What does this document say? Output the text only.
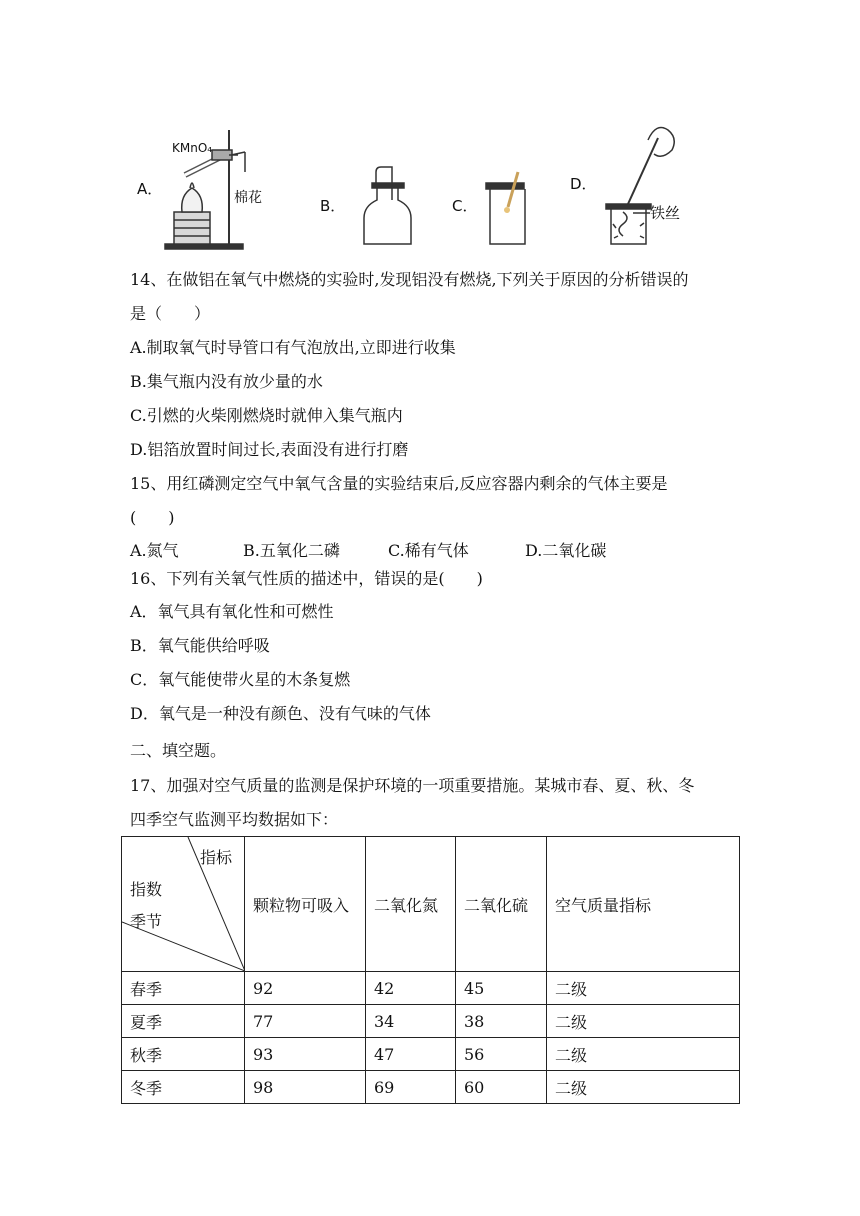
A．
B．	C．
D．
KMnO₄
棉花
铁丝
14、在做铝在氧气中燃烧的实验时,发现铝没有燃烧,下列关于原因的分析错误的
是（　　）
A.制取氧气时导管口有气泡放出,立即进行收集
B.集气瓶内没有放少量的水
C.引燃的火柴刚燃烧时就伸入集气瓶内
D.铝箔放置时间过长,表面没有进行打磨
15、用红磷测定空气中氧气含量的实验结束后,反应容器内剩余的气体主要是
(　　)
A.氮气	B.五氧化二磷	C.稀有气体	D.二氧化碳
16、下列有关氧气性质的描述中，错误的是(　　)
A．氧气具有氧化性和可燃性
B．氧气能供给呼吸
C．氧气能使带火星的木条复燃
D．氧气是一种没有颜色、没有气味的气体
二、填空题。
17、加强对空气质量的监测是保护环境的一项重要措施。某城市春、夏、秋、冬
四季空气监测平均数据如下：
指标
指数
季节	颗粒物可吸入	二氧化氮	二氧化硫	空气质量指标
春季	92	42	45	二级
夏季	77	34	38	二级
秋季	93	47	56	二级
冬季	98	69	60	二级
